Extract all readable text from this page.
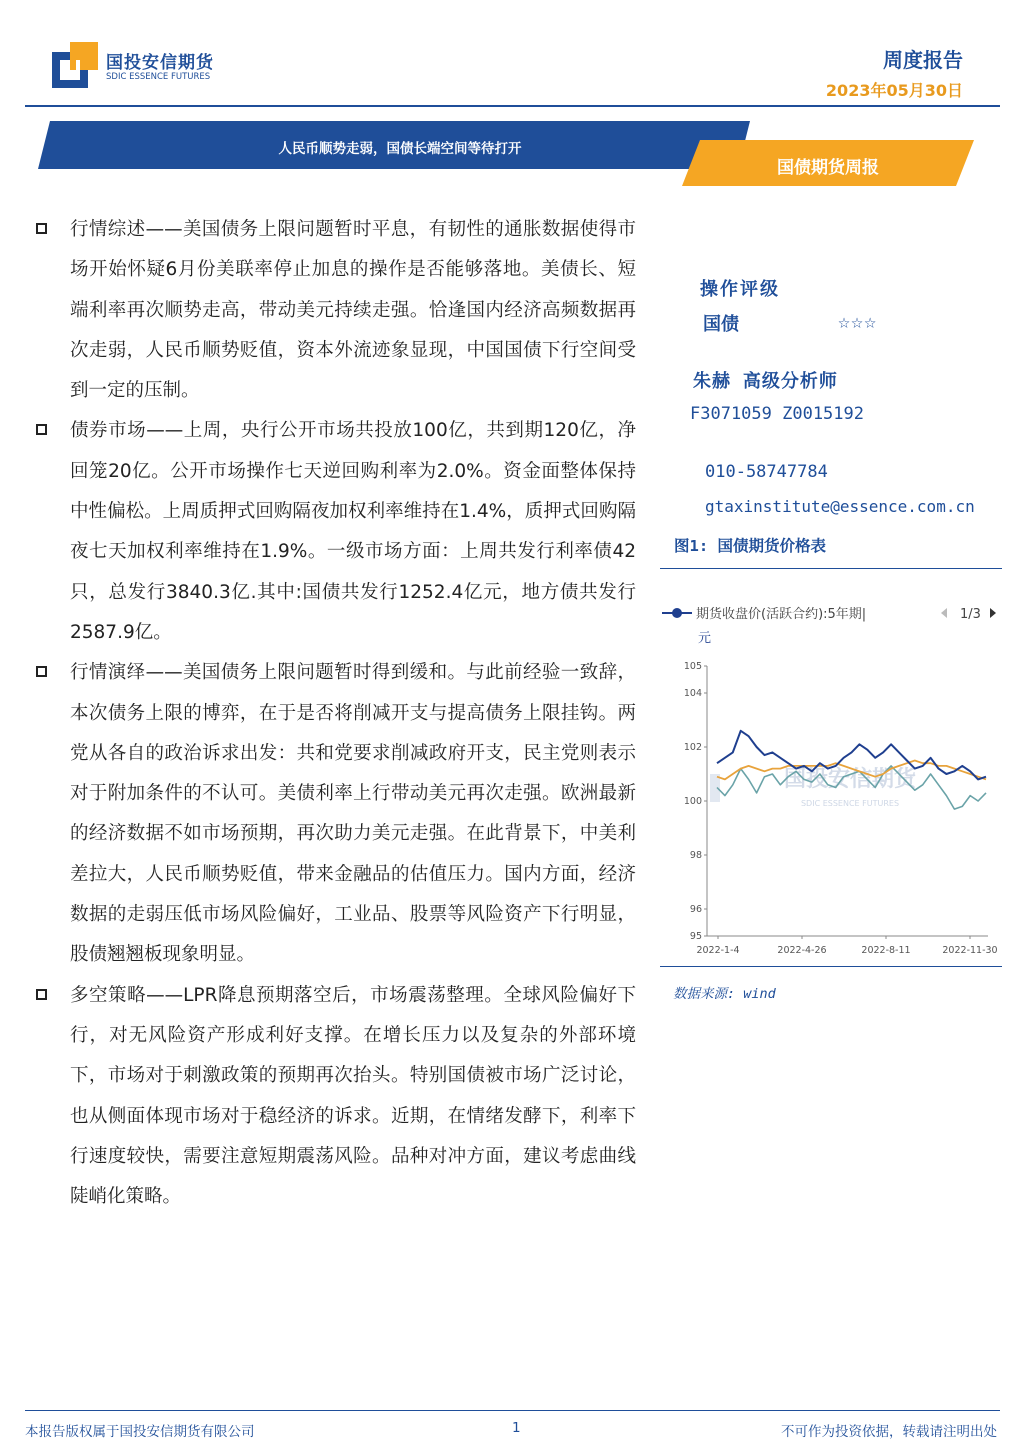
国投安信期货
SDIC ESSENCE FUTURES
周度报告
2023年05月30日
人民币顺势走弱，国债长端空间等待打开
国债期货周报

行情综述——美国债务上限问题暂时平息，有韧性的通胀数据使得市场开始怀疑6月份美联率停止加息的操作是否能够落地。美债长、短端利率再次顺势走高，带动美元持续走强。恰逢国内经济高频数据再次走弱，人民币顺势贬值，资本外流迹象显现，中国国债下行空间受到一定的压制。

债券市场——上周，央行公开市场共投放100亿，共到期120亿，净回笼20亿。公开市场操作七天逆回购利率为2.0%。资金面整体保持中性偏松。上周质押式回购隔夜加权利率维持在1.4%，质押式回购隔夜七天加权利率维持在1.9%。一级市场方面：上周共发行利率债42只，总发行3840.3亿.其中:国债共发行1252.4亿元，地方债共发行2587.9亿。

行情演绎——美国债务上限问题暂时得到缓和。与此前经验一致辞，本次债务上限的博弈，在于是否将削减开支与提高债务上限挂钩。两党从各自的政治诉求出发：共和党要求削减政府开支，民主党则表示对于附加条件的不认可。美债利率上行带动美元再次走强。欧洲最新的经济数据不如市场预期，再次助力美元走强。在此背景下，中美利差拉大，人民币顺势贬值，带来金融品的估值压力。国内方面，经济数据的走弱压低市场风险偏好，工业品、股票等风险资产下行明显，股债翘翘板现象明显。

多空策略——LPR降息预期落空后，市场震荡整理。全球风险偏好下行，对无风险资产形成利好支撑。在增长压力以及复杂的外部环境下，市场对于刺激政策的预期再次抬头。特别国债被市场广泛讨论，也从侧面体现市场对于稳经济的诉求。近期，在情绪发酵下，利率下行速度较快，需要注意短期震荡风险。品种对冲方面，建议考虑曲线陡峭化策略。

操作评级
国债	☆☆☆
朱赫 高级分析师
F3071059 Z0015192
010-58747784
gtaxinstitute@essence.com.cn
图1: 国债期货价格表
期货收盘价(活跃合约):5年期|	1/3
元
国投安信期货
SDIC ESSENCE FUTURES
95
96
98
100
102
104
105
2022-1-4	2022-4-26	2022-8-11	2022-11-30
数据来源: wind
本报告版权属于国投安信期货有限公司	1	不可作为投资依据，转载请注明出处
